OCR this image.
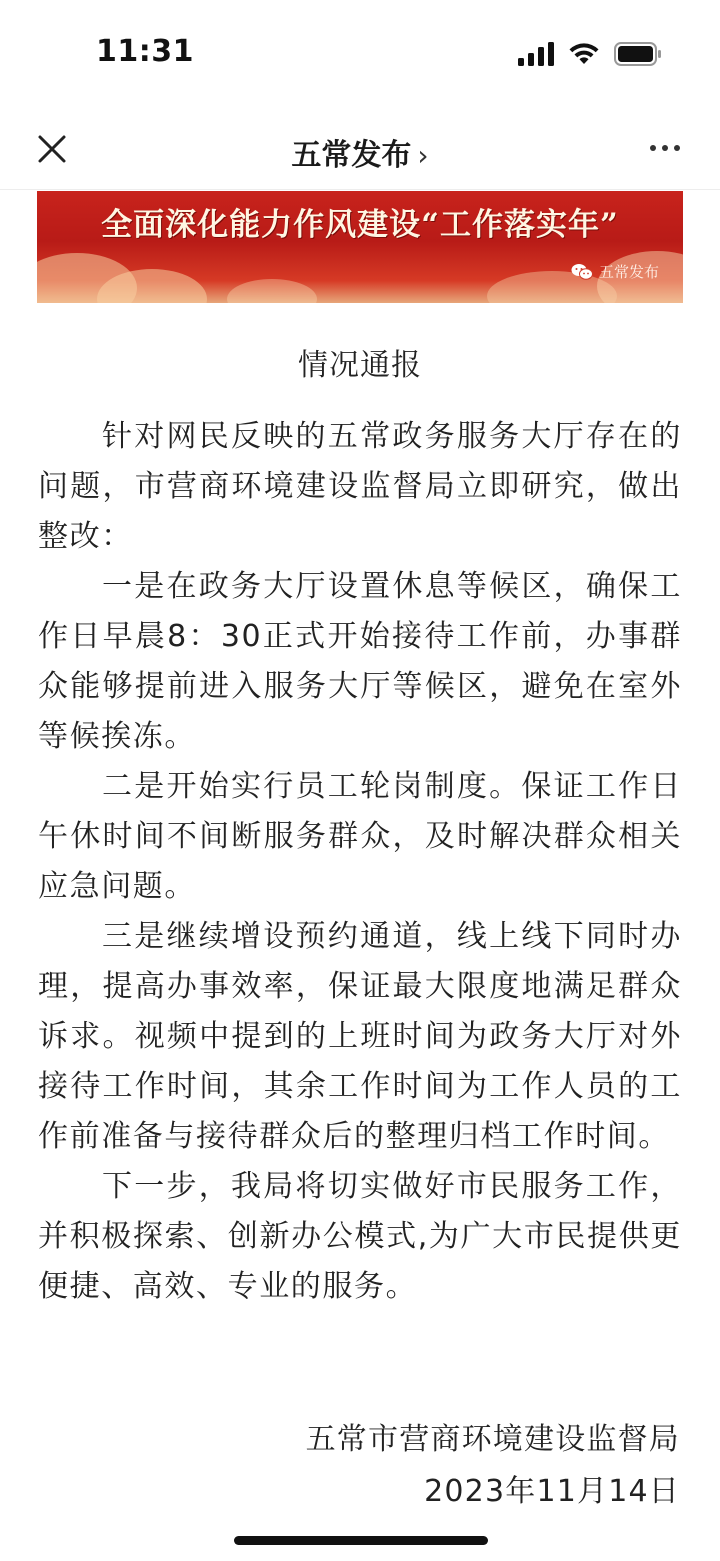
11:31
五常发布 ›
全面深化能力作风建设“工作落实年”
五常发布
情况通报

针对网民反映的五常政务服务大厅存在的问题，市营商环境建设监督局立即研究，做出整改：

一是在政务大厅设置休息等候区，确保工作日早晨8：30正式开始接待工作前，办事群众能够提前进入服务大厅等候区，避免在室外等候挨冻。

二是开始实行员工轮岗制度。保证工作日午休时间不间断服务群众，及时解决群众相关应急问题。

三是继续增设预约通道，线上线下同时办理，提高办事效率，保证最大限度地满足群众诉求。视频中提到的上班时间为政务大厅对外接待工作时间，其余工作时间为工作人员的工作前准备与接待群众后的整理归档工作时间。

下一步，我局将切实做好市民服务工作，并积极探索、创新办公模式,为广大市民提供更便捷、高效、专业的服务。

五常市营商环境建设监督局
2023年11月14日
